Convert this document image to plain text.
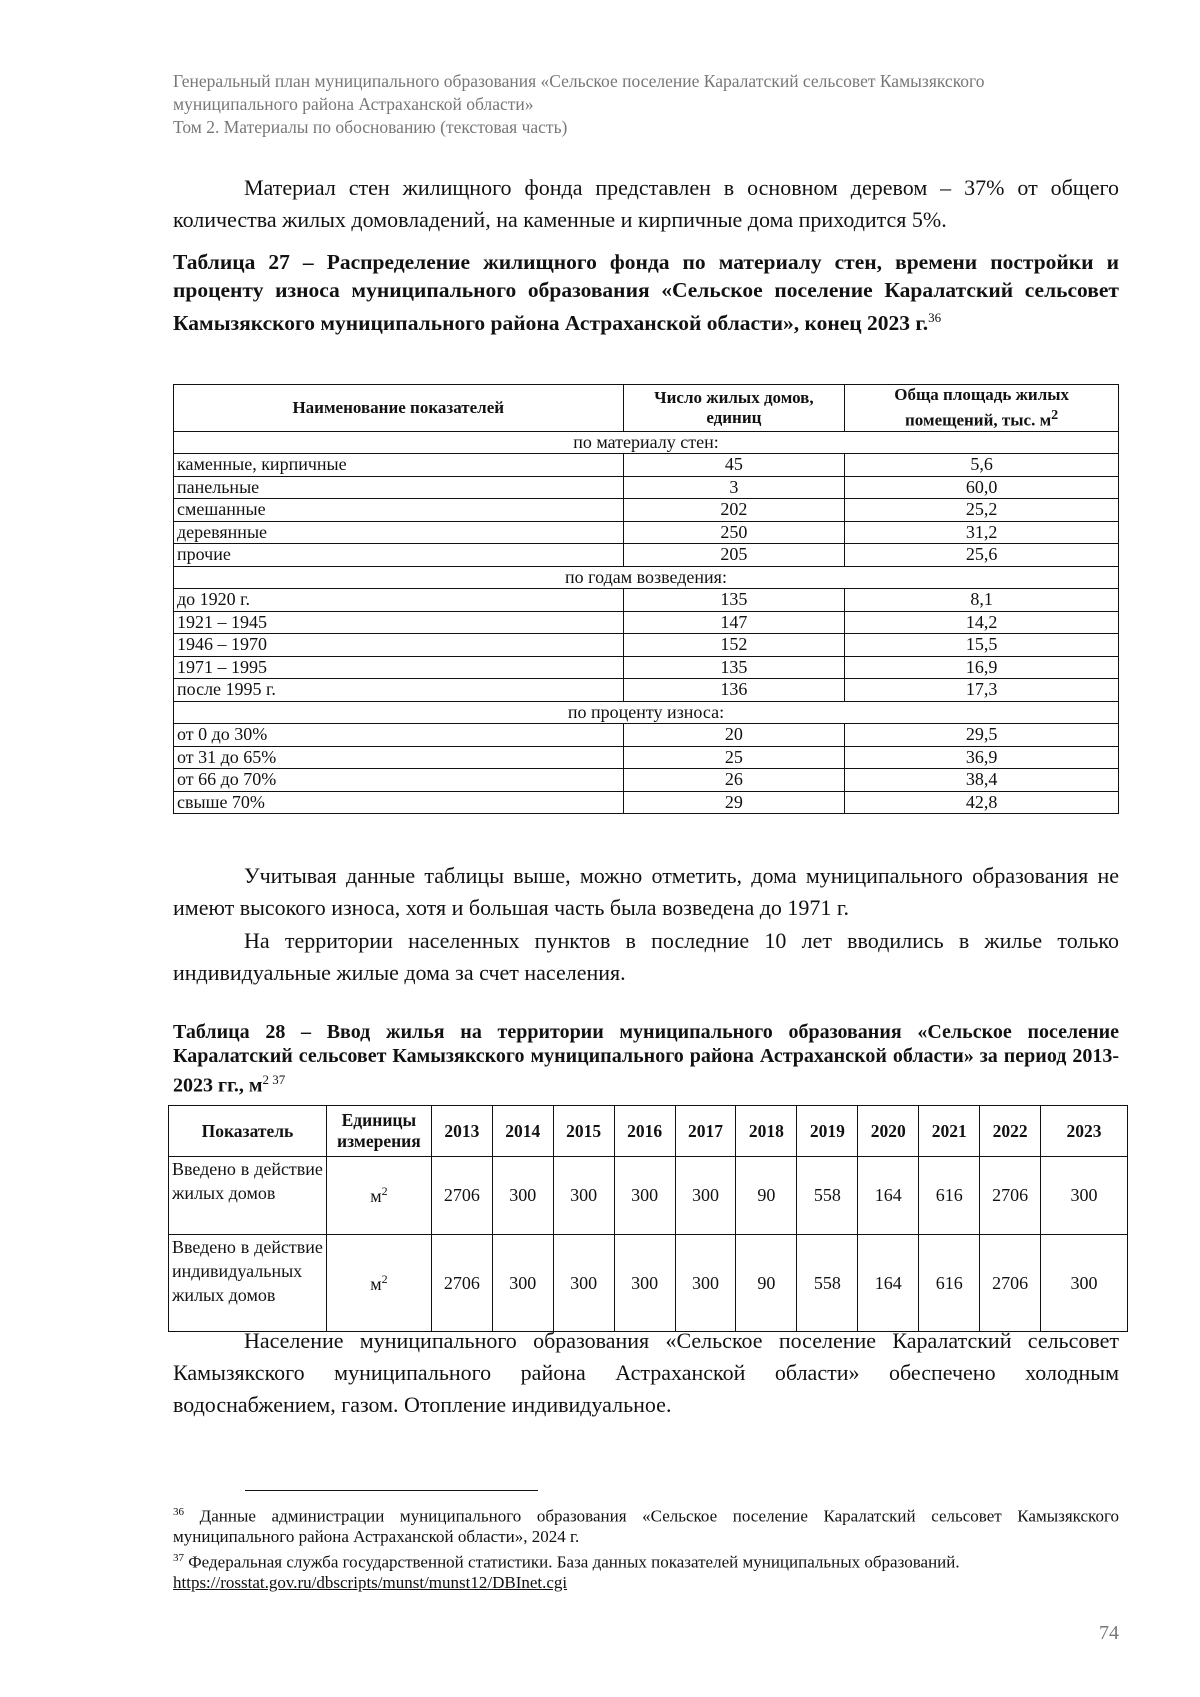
Генеральный план муниципального образования «Сельское поселение Каралатский сельсовет Камызякского
муниципального района Астраханской области»
Том 2. Материалы по обоснованию (текстовая часть)

Материал стен жилищного фонда представлен в основном деревом – 37% от общего количества жилых домовладений, на каменные и кирпичные дома приходится 5%.

Таблица 27 – Распределение жилищного фонда по материалу стен, времени постройки и проценту износа муниципального образования «Сельское поселение Каралатский сельсовет Камызякского муниципального района Астраханской области», конец 2023 г.$^{36}$

Наименование показателей	Число жилых домов, единиц	Обща площадь жилых помещений, тыс. $м^2$
по материалу стен:		
каменные, кирпичные	45	5,6
панельные	3	60,0
смешанные	202	25,2
деревянные	250	31,2
прочие	205	25,6
по годам возведения:		
до 1920 г.	135	8,1
1921 – 1945	147	14,2
1946 – 1970	152	15,5
1971 – 1995	135	16,9
после 1995 г.	136	17,3
по проценту износа:		
от 0 до 30%	20	29,5
от 31 до 65%	25	36,9
от 66 до 70%	26	38,4
свыше 70%	29	42,8

Учитывая данные таблицы выше, можно отметить, дома муниципального образования не имеют высокого износа, хотя и большая часть была возведена до 1971 г.

На территории населенных пунктов в последние 10 лет вводились в жилье только индивидуальные жилые дома за счет населения.

Таблица 28 – Ввод жилья на территории муниципального образования «Сельское поселение Каралатский сельсовет Камызякского муниципального района Астраханской области» за период 2013-2023 гг., $м^{2 37}$

Показатель	Единицы измерения	2013	2014	2015	2016	2017	2018	2019	2020	2021	2022	2023
Введено в действие жилых домов	$м^2$	2706	300	300	300	300	90	558	164	616	2706	300
Введено в действие индивидуальных жилых домов	$м^2$	2706	300	300	300	300	90	558	164	616	2706	300

Население муниципального образования «Сельское поселение Каралатский сельсовет Камызякского муниципального района Астраханской области» обеспечено холодным водоснабжением, газом. Отопление индивидуальное.

$^{36}$ Данные администрации муниципального образования «Сельское поселение Каралатский сельсовет Камызякского муниципального района Астраханской области», 2024 г.

$^{37}$ Федеральная служба государственной статистики. База данных показателей муниципальных образований.
https://rosstat.gov.ru/dbscripts/munst/munst12/DBInet.cgi

74
